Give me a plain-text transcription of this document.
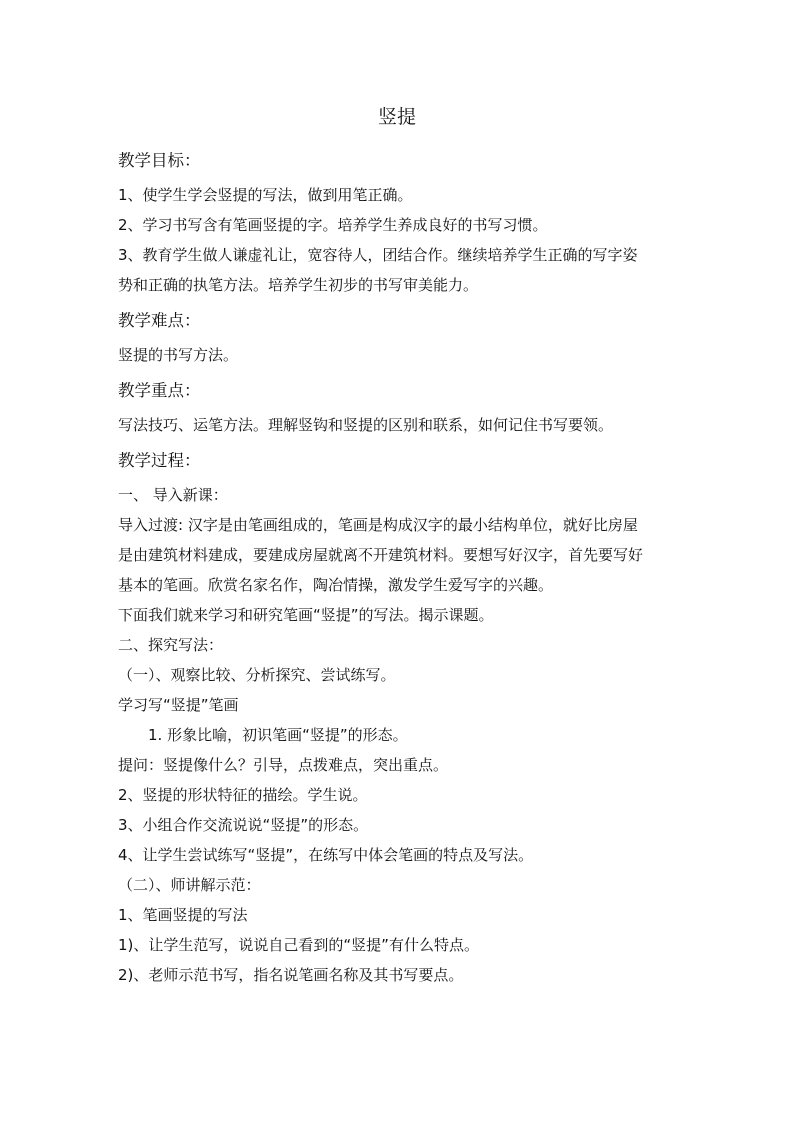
竖提

教学目标：

1、使学生学会竖提的写法，做到用笔正确。

2、学习书写含有笔画竖提的字。培养学生养成良好的书写习惯。

3、教育学生做人谦虚礼让，宽容待人，团结合作。继续培养学生正确的写字姿

势和正确的执笔方法。培养学生初步的书写审美能力。

教学难点：

竖提的书写方法。

教学重点：

写法技巧、运笔方法。理解竖钩和竖提的区别和联系，如何记住书写要领。

教学过程：

一、 导入新课：

导入过渡: 汉字是由笔画组成的，笔画是构成汉字的最小结构单位，就好比房屋

是由建筑材料建成，要建成房屋就离不开建筑材料。要想写好汉字，首先要写好

基本的笔画。欣赏名家名作，陶冶情操，激发学生爱写字的兴趣。

下面我们就来学习和研究笔画“竖提”的写法。揭示课题。

二、探究写法：

（一）、观察比较、分析探究、尝试练写。

学习写“竖提”笔画

1. 形象比喻，初识笔画“竖提”的形态。

提问：竖提像什么？引导，点拨难点，突出重点。

2、竖提的形状特征的描绘。学生说。

3、小组合作交流说说“竖提”的形态。

4、让学生尝试练写“竖提”，在练写中体会笔画的特点及写法。

（二）、师讲解示范：

1、笔画竖提的写法

1)、让学生范写，说说自己看到的“竖提”有什么特点。

2)、老师示范书写，指名说笔画名称及其书写要点。
